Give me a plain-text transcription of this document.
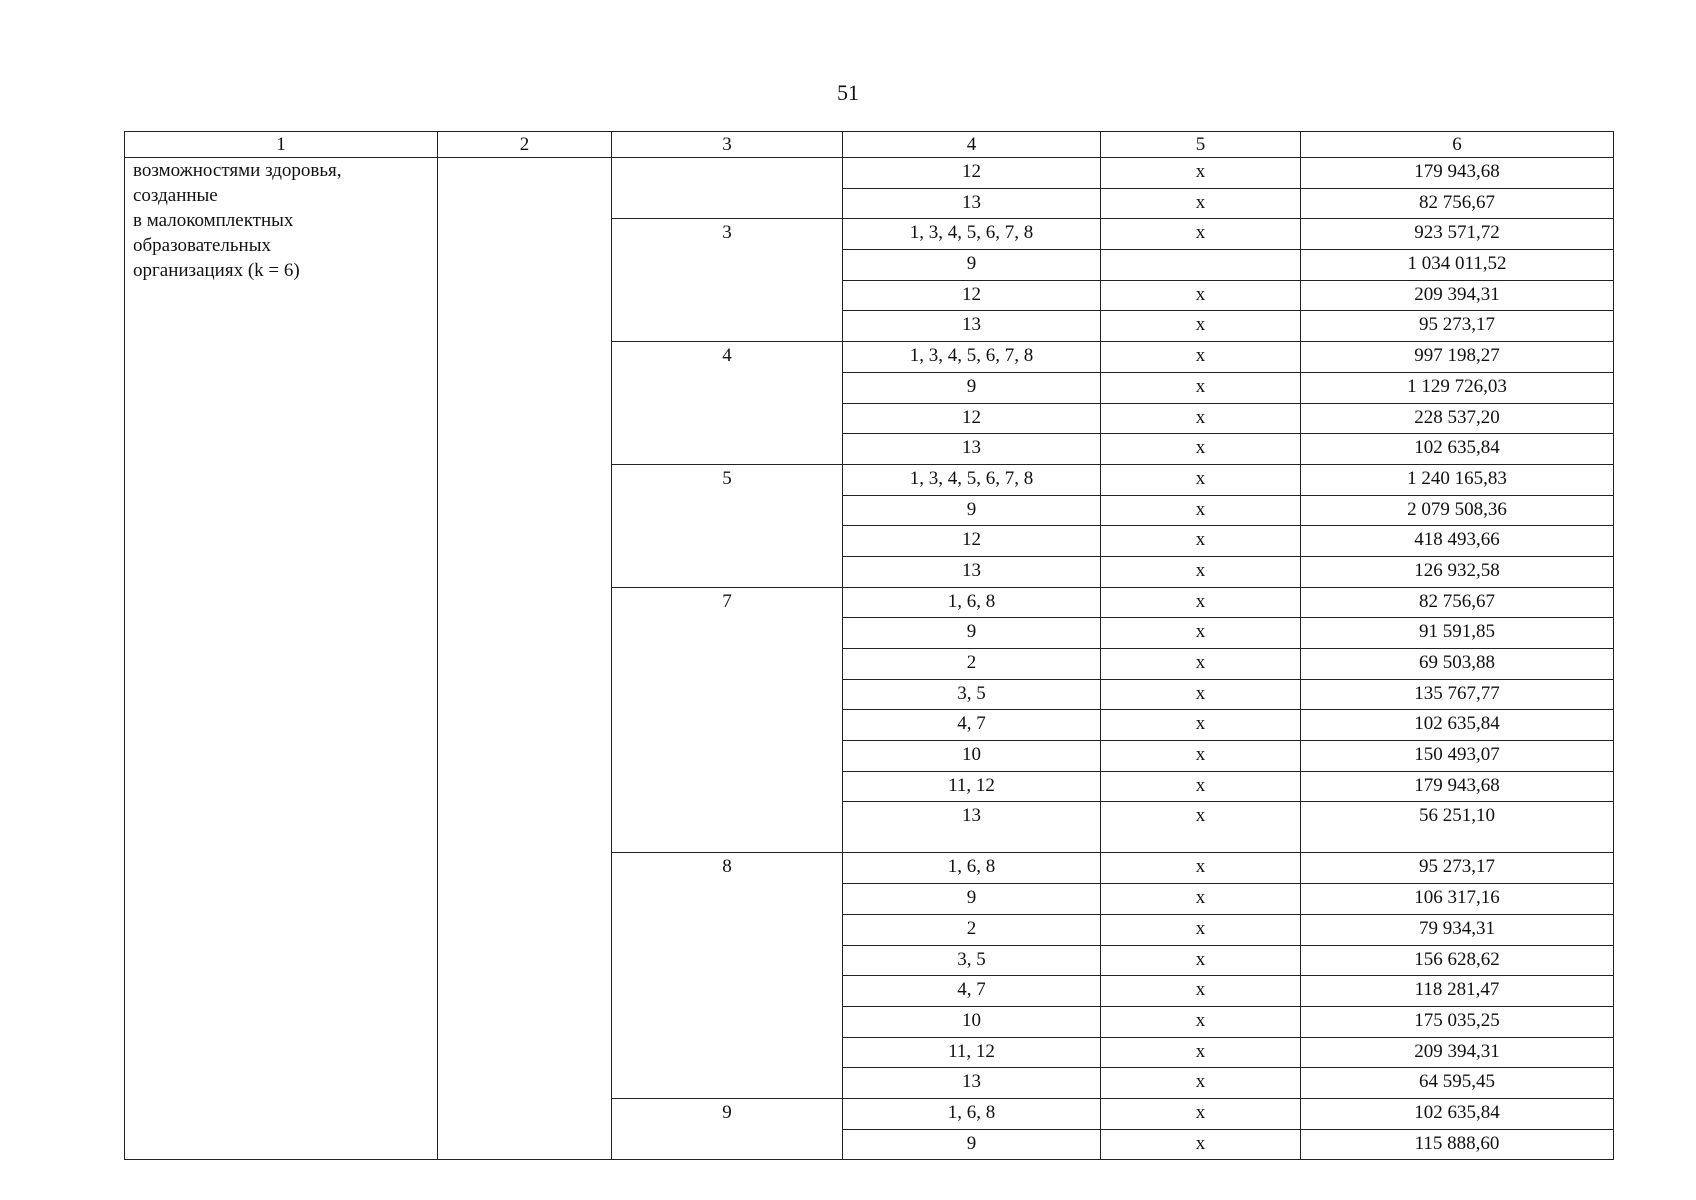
51
1	2	3	4	5	6

возможностями здоровья,
созданные
в малокомплектных
образовательных
организациях (k = 6)			12	x	179 943,68
			13	x	82 756,67
		3	1, 3, 4, 5, 6, 7, 8	x	923 571,72
			9		1 034 011,52
			12	x	209 394,31
			13	x	95 273,17
		4	1, 3, 4, 5, 6, 7, 8	x	997 198,27
			9	x	1 129 726,03
			12	x	228 537,20
			13	x	102 635,84
		5	1, 3, 4, 5, 6, 7, 8	x	1 240 165,83
			9	x	2 079 508,36
			12	x	418 493,66
			13	x	126 932,58
		7	1, 6, 8	x	82 756,67
			9	x	91 591,85
			2	x	69 503,88
			3, 5	x	135 767,77
			4, 7	x	102 635,84
			10	x	150 493,07
			11, 12	x	179 943,68
			13	x	56 251,10
		8	1, 6, 8	x	95 273,17
			9	x	106 317,16
			2	x	79 934,31
			3, 5	x	156 628,62
			4, 7	x	118 281,47
			10	x	175 035,25
			11, 12	x	209 394,31
			13	x	64 595,45
		9	1, 6, 8	x	102 635,84
			9	x	115 888,60
